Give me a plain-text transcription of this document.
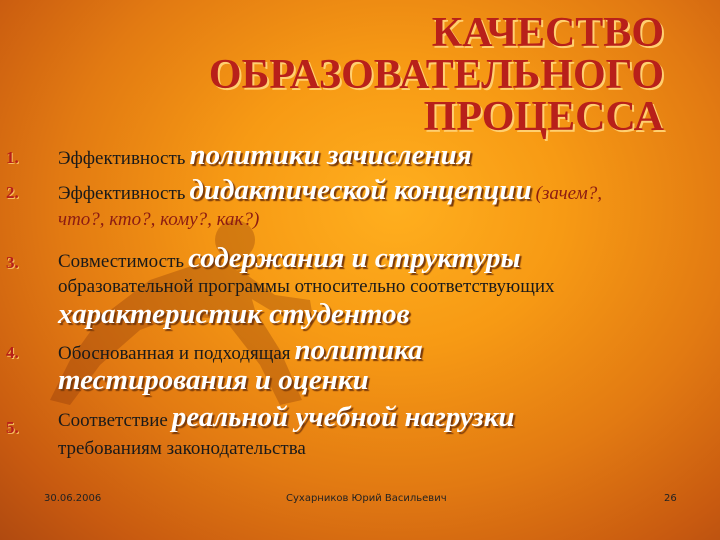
КАЧЕСТВО
ОБРАЗОВАТЕЛЬНОГО
ПРОЦЕССА
1. Эффективность политики зачисления
2. Эффективность дидактической концепции (зачем?,
что?, кто?, кому?, как?)
3. Совместимость содержания и структуры
образовательной программы относительно соответствующих
характеристик студентов
4. Обоснованная и подходящая политика
тестирования и оценки
5. Соответствие реальной учебной нагрузки
требованиям законодательства
30.06.2006	Сухарников Юрий Васильевич	26
